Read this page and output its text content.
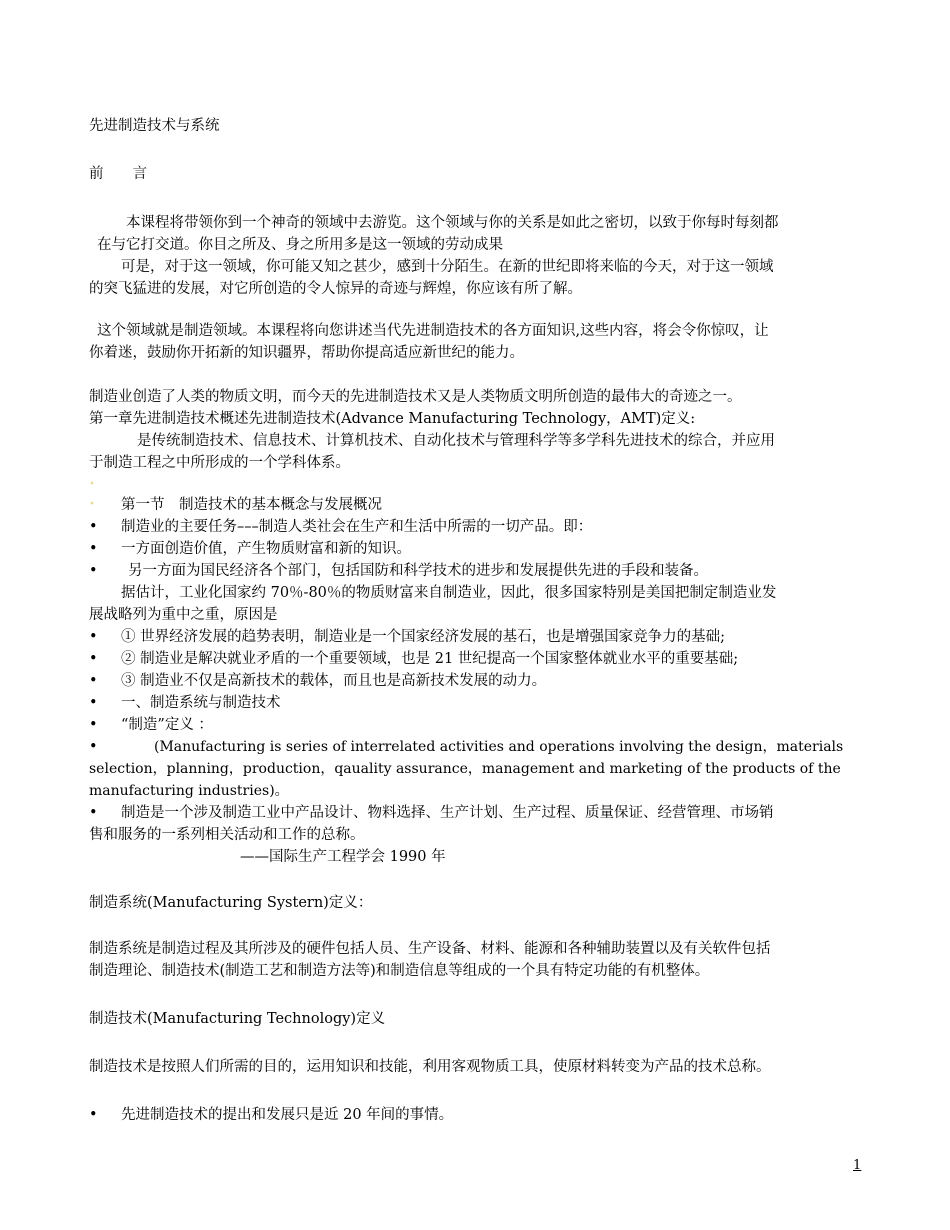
先进制造技术与系统
前　　言
本课程将带领你到一个神奇的领域中去游览。这个领域与你的关系是如此之密切，以致于你每时每刻都
在与它打交道。你目之所及、身之所用多是这一领域的劳动成果
可是，对于这一领域，你可能又知之甚少，感到十分陌生。在新的世纪即将来临的今天，对于这一领域
的突飞猛进的发展，对它所创造的令人惊异的奇迹与辉煌，你应该有所了解。
这个领域就是制造领域。本课程将向您讲述当代先进制造技术的各方面知识,这些内容，将会令你惊叹，让
你着迷，鼓励你开拓新的知识疆界，帮助你提高适应新世纪的能力。
制造业创造了人类的物质文明，而今天的先进制造技术又是人类物质文明所创造的最伟大的奇迹之一。
第一章先进制造技术概述先进制造技术(Advance Manufacturing Technology，AMT)定义:
是传统制造技术、信息技术、计算机技术、自动化技术与管理科学等多学科先进技术的综合，并应用
于制造工程之中所形成的一个学科体系。
•
• 第一节　制造技术的基本概念与发展概况
• 制造业的主要任务–––制造人类社会在生产和生活中所需的一切产品。即：
• 一方面创造价值，产生物质财富和新的知识。
• 另一方面为国民经济各个部门，包括国防和科学技术的进步和发展提供先进的手段和装备。
据估计，工业化国家约 70％-80％的物质财富来自制造业，因此，很多国家特别是美国把制定制造业发
展战略列为重中之重，原因是
• ① 世界经济发展的趋势表明，制造业是一个国家经济发展的基石，也是增强国家竞争力的基础;
• ② 制造业是解决就业矛盾的一个重要领域，也是 21 世纪提高一个国家整体就业水平的重要基础;
• ③ 制造业不仅是高新技术的载体，而且也是高新技术发展的动力。
• 一、制造系统与制造技术
• “制造”定义 ：
•	(Manufacturing is series of interrelated activities and operations involving the design，materials
selection，planning，production，qauality assurance，management and marketing of the products of the
manufacturing industries)。
• 制造是一个涉及制造工业中产品设计、物料选择、生产计划、生产过程、质量保证、经营管理、市场销
售和服务的一系列相关活动和工作的总称。
——国际生产工程学会 1990 年
制造系统(Manufacturing Systern)定义：
制造系统是制造过程及其所涉及的硬件包括人员、生产设备、材料、能源和各种辅助装置以及有关软件包括
制造理论、制造技术(制造工艺和制造方法等)和制造信息等组成的一个具有特定功能的有机整体。
制造技术(Manufacturing Technology)定义
制造技术是按照人们所需的目的，运用知识和技能，利用客观物质工具，使原材料转变为产品的技术总称。
• 先进制造技术的提出和发展只是近 20 年间的事情。
1
